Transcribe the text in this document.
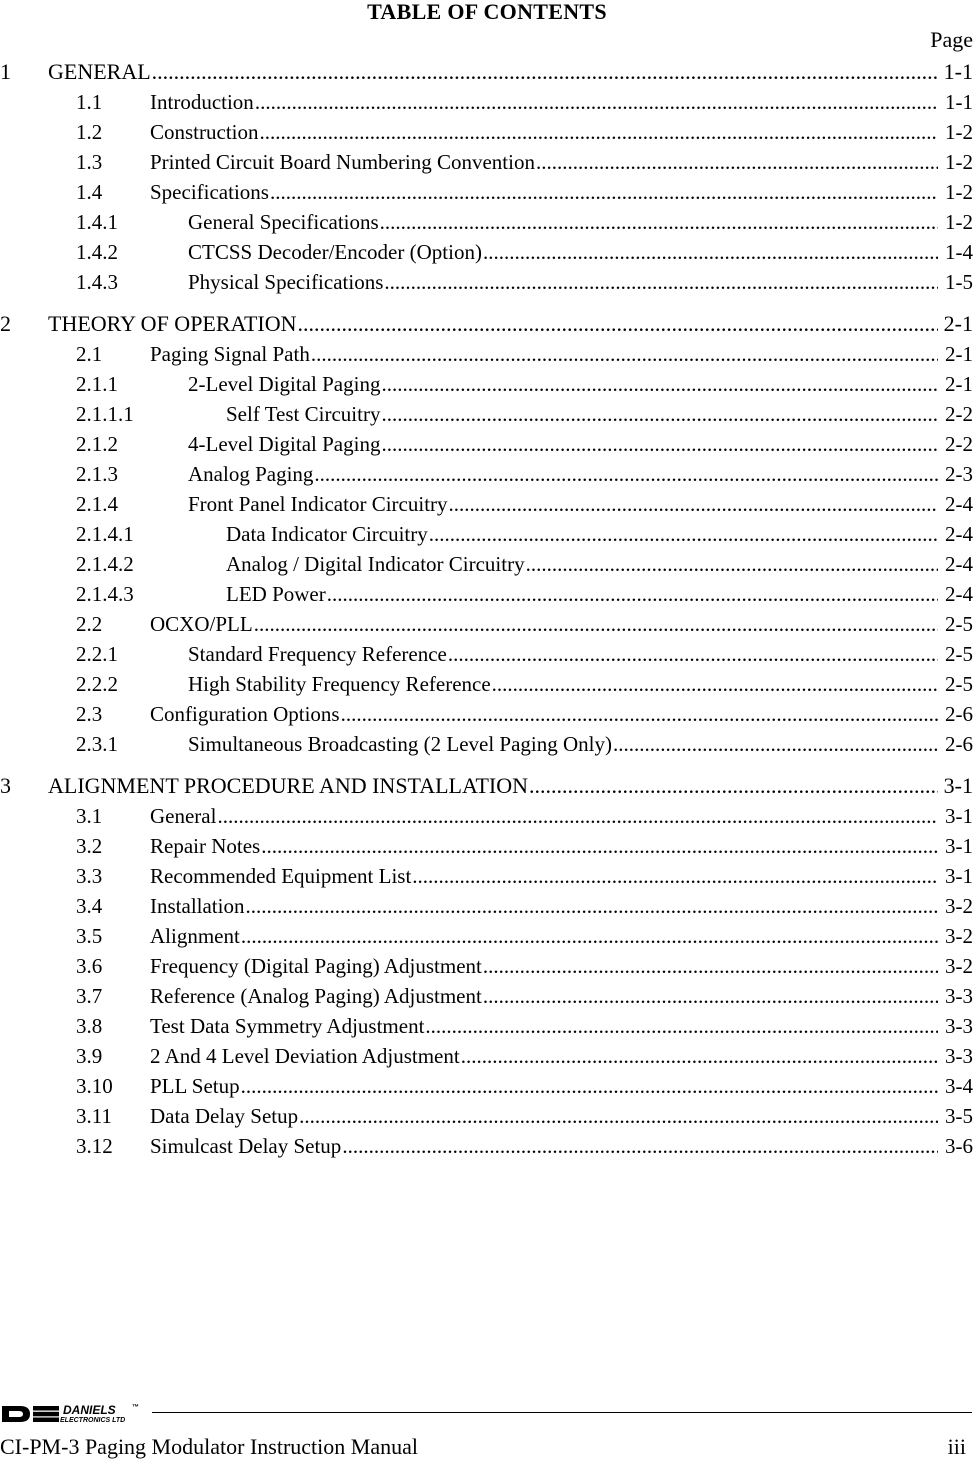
TABLE OF CONTENTS
Page
1 GENERAL .....	1-1
1.1 Introduction .....	1-1
1.2 Construction .....	1-2
1.3 Printed Circuit Board Numbering Convention .....	1-2
1.4 Specifications .....	1-2
1.4.1	General Specifications .....	1-2
1.4.2	CTCSS Decoder/Encoder (Option) .....	1-4
1.4.3	Physical Specifications .....	1-5
2 THEORY OF OPERATION .....	2-1
2.1 Paging Signal Path .....	2-1
2.1.1	2-Level Digital Paging .....	2-1
2.1.1.1	Self Test Circuitry .....	2-2
2.1.2	4-Level Digital Paging .....	2-2
2.1.3	Analog Paging .....	2-3
2.1.4	Front Panel Indicator Circuitry .....	2-4
2.1.4.1	Data Indicator Circuitry .....	2-4
2.1.4.2	Analog / Digital Indicator Circuitry .....	2-4
2.1.4.3	LED Power .....	2-4
2.2 OCXO/PLL .....	2-5
2.2.1	Standard Frequency Reference .....	2-5
2.2.2	High Stability Frequency Reference .....	2-5
2.3 Configuration Options .....	2-6
2.3.1	Simultaneous Broadcasting (2 Level Paging Only) .....	2-6
3 ALIGNMENT PROCEDURE AND INSTALLATION .....	3-1
3.1 General .....	3-1
3.2 Repair Notes .....	3-1
3.3 Recommended Equipment List .....	3-1
3.4 Installation .....	3-2
3.5 Alignment .....	3-2
3.6 Frequency (Digital Paging) Adjustment .....	3-2
3.7 Reference (Analog Paging) Adjustment .....	3-3
3.8 Test Data Symmetry Adjustment .....	3-3
3.9 2 And 4 Level Deviation Adjustment .....	3-3
3.10 PLL Setup .....	3-4
3.11 Data Delay Setup .....	3-5
3.12 Simulcast Delay Setup .....	3-6
DANIELS ™
ELECTRONICS LTD
CI-PM-3 Paging Modulator Instruction Manual	iii
